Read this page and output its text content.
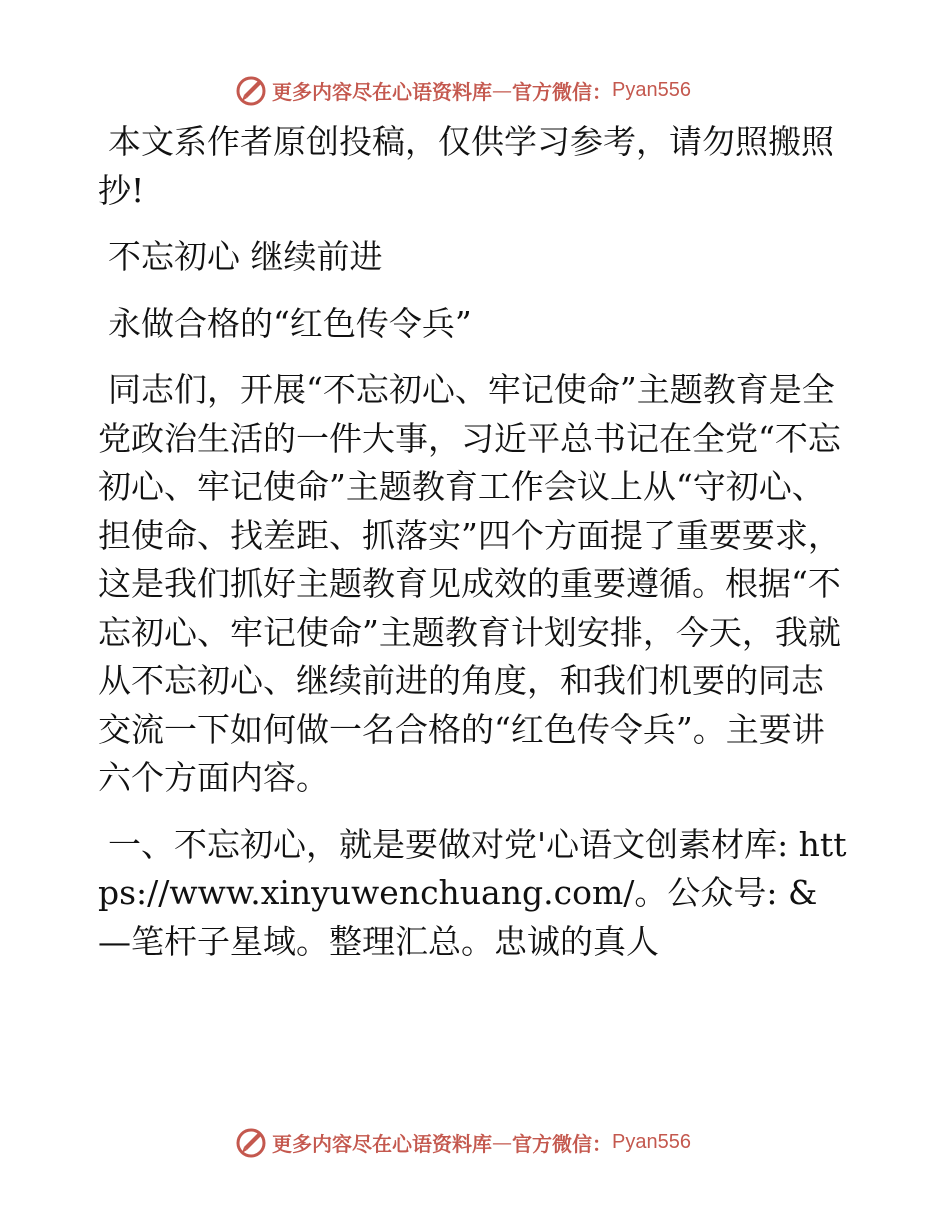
更多内容尽在心语资料库 — 官方微信： Pyan556

本文系作者原创投稿，仅供学习参考，请勿照搬照抄!

不忘初心 继续前进

永做合格的“红色传令兵”

同志们，开展“不忘初心、牢记使命”主题教育是全党政治生活的一件大事，习近平总书记在全党“不忘初心、牢记使命”主题教育工作会议上从“守初心、担使命、找差距、抓落实”四个方面提了重要要求，这是我们抓好主题教育见成效的重要遵循。根据“不忘初心、牢记使命”主题教育计划安排，今天，我就从不忘初心、继续前进的角度，和我们机要的同志交流一下如何做一名合格的“红色传令兵”。主要讲六个方面内容。

一、不忘初心，就是要做对党'心语文创素材库: https://www.xinyuwenchuang.com/。公众号: &—笔杆子星域。整理汇总。忠诚的真人

更多内容尽在心语资料库 — 官方微信： Pyan556
